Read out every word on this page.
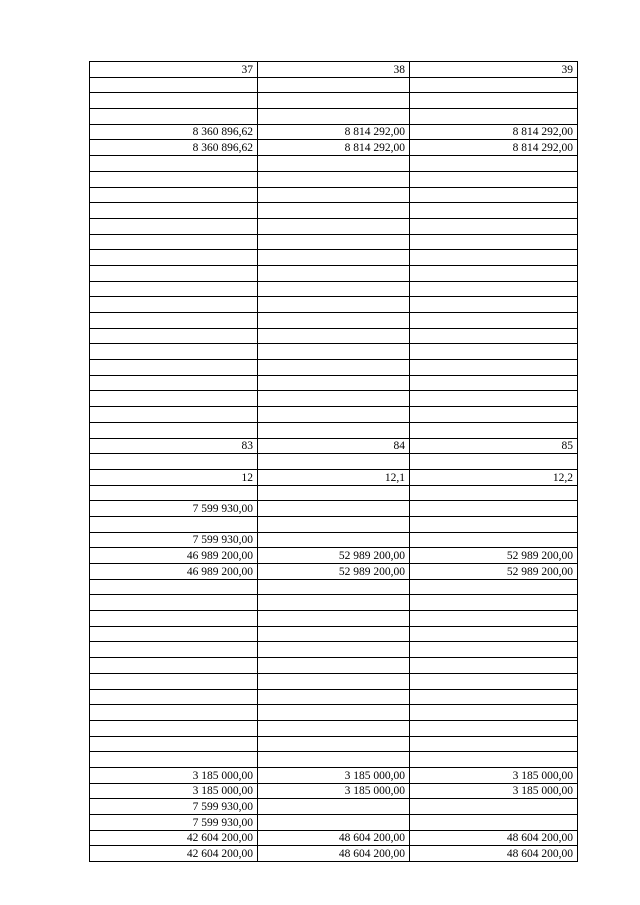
37	38	39

8 360 896,62	8 814 292,00	8 814 292,00
8 360 896,62	8 814 292,00	8 814 292,00

83	84	85

12	12,1	12,2

7 599 930,00		

7 599 930,00		
46 989 200,00	52 989 200,00	52 989 200,00
46 989 200,00	52 989 200,00	52 989 200,00

3 185 000,00	3 185 000,00	3 185 000,00
3 185 000,00	3 185 000,00	3 185 000,00
7 599 930,00		
7 599 930,00		
42 604 200,00	48 604 200,00	48 604 200,00
42 604 200,00	48 604 200,00	48 604 200,00
